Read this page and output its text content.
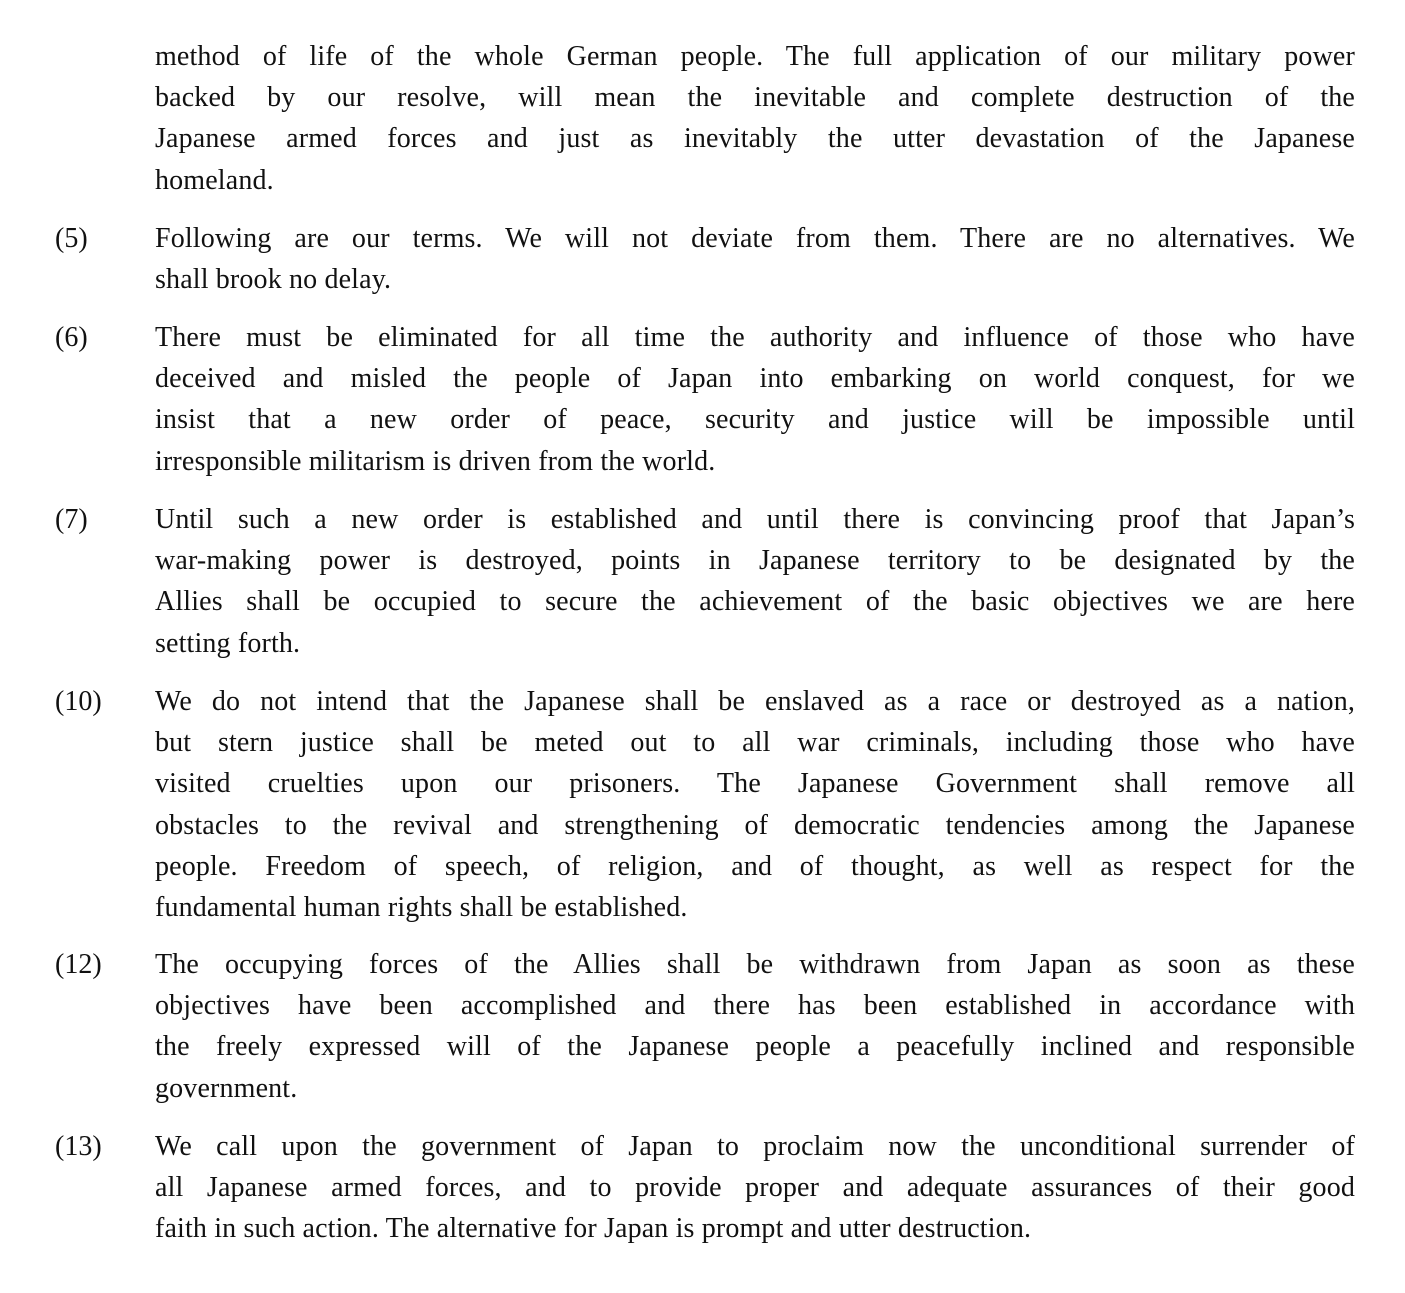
method of life of the whole German people. The full application of our military power
backed by our resolve, will mean the inevitable and complete destruction of the
Japanese armed forces and just as inevitably the utter devastation of the Japanese
homeland.
(5) Following are our terms. We will not deviate from them. There are no alternatives. We
shall brook no delay.
(6) There must be eliminated for all time the authority and influence of those who have
deceived and misled the people of Japan into embarking on world conquest, for we
insist that a new order of peace, security and justice will be impossible until
irresponsible militarism is driven from the world.
(7) Until such a new order is established and until there is convincing proof that Japan’s
war-making power is destroyed, points in Japanese territory to be designated by the
Allies shall be occupied to secure the achievement of the basic objectives we are here
setting forth.
(10) We do not intend that the Japanese shall be enslaved as a race or destroyed as a nation,
but stern justice shall be meted out to all war criminals, including those who have
visited cruelties upon our prisoners. The Japanese Government shall remove all
obstacles to the revival and strengthening of democratic tendencies among the Japanese
people. Freedom of speech, of religion, and of thought, as well as respect for the
fundamental human rights shall be established.
(12) The occupying forces of the Allies shall be withdrawn from Japan as soon as these
objectives have been accomplished and there has been established in accordance with
the freely expressed will of the Japanese people a peacefully inclined and responsible
government.
(13) We call upon the government of Japan to proclaim now the unconditional surrender of
all Japanese armed forces, and to provide proper and adequate assurances of their good
faith in such action. The alternative for Japan is prompt and utter destruction.
